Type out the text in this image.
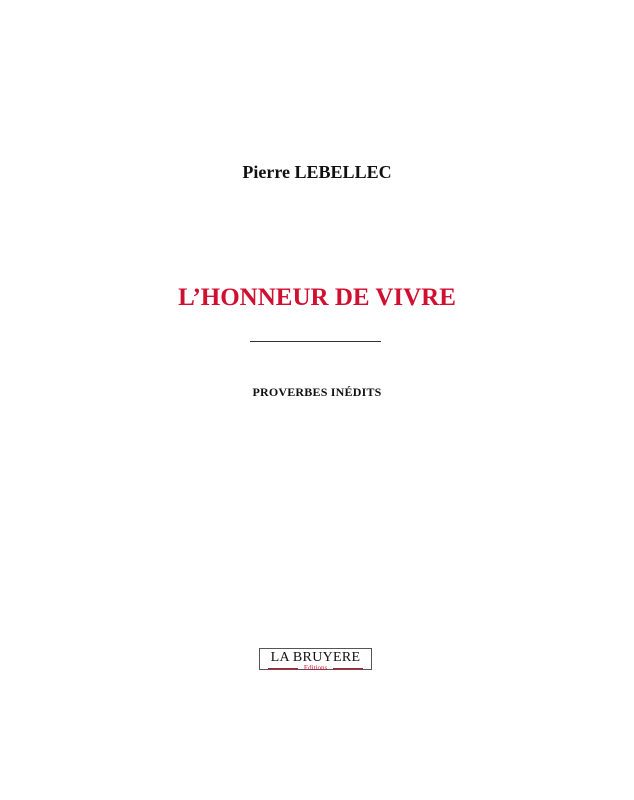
Pierre LEBELLEC
L’HONNEUR DE VIVRE
PROVERBES INÉDITS
LA BRUYERE
Editions
